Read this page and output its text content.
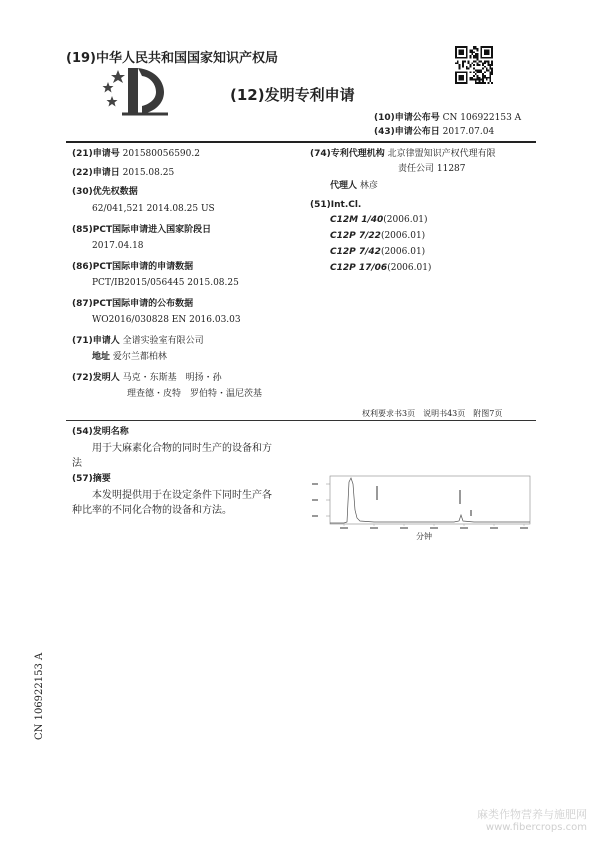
(19)中华人民共和国国家知识产权局
(12)发明专利申请
(10)申请公布号 CN 106922153 A
(43)申请公布日 2017.07.04
(21)申请号 201580056590.2
(22)申请日 2015.08.25
(30)优先权数据
62/041,521 2014.08.25 US
(85)PCT国际申请进入国家阶段日
2017.04.18
(86)PCT国际申请的申请数据
PCT/IB2015/056445 2015.08.25
(87)PCT国际申请的公布数据
WO2016/030828 EN 2016.03.03
(71)申请人 全谱实验室有限公司
地址 爱尔兰都柏林
(72)发明人 马克・东斯基　明扬・孙
理查德・皮特　罗伯特・温尼茨基
(74)专利代理机构 北京律盟知识产权代理有限
责任公司 11287
代理人 林彦
(51)Int.Cl.
C12M 1/40(2006.01)
C12P 7/22(2006.01)
C12P 7/42(2006.01)
C12P 17/06(2006.01)
权利要求书3页　说明书43页　附图7页
(54)发明名称
用于大麻素化合物的同时生产的设备和方
法
(57)摘要
本发明提供用于在设定条件下同时生产各
种比率的不同化合物的设备和方法。
分钟
CN 106922153 A
麻类作物营养与施肥网
www.fibercrops.com
